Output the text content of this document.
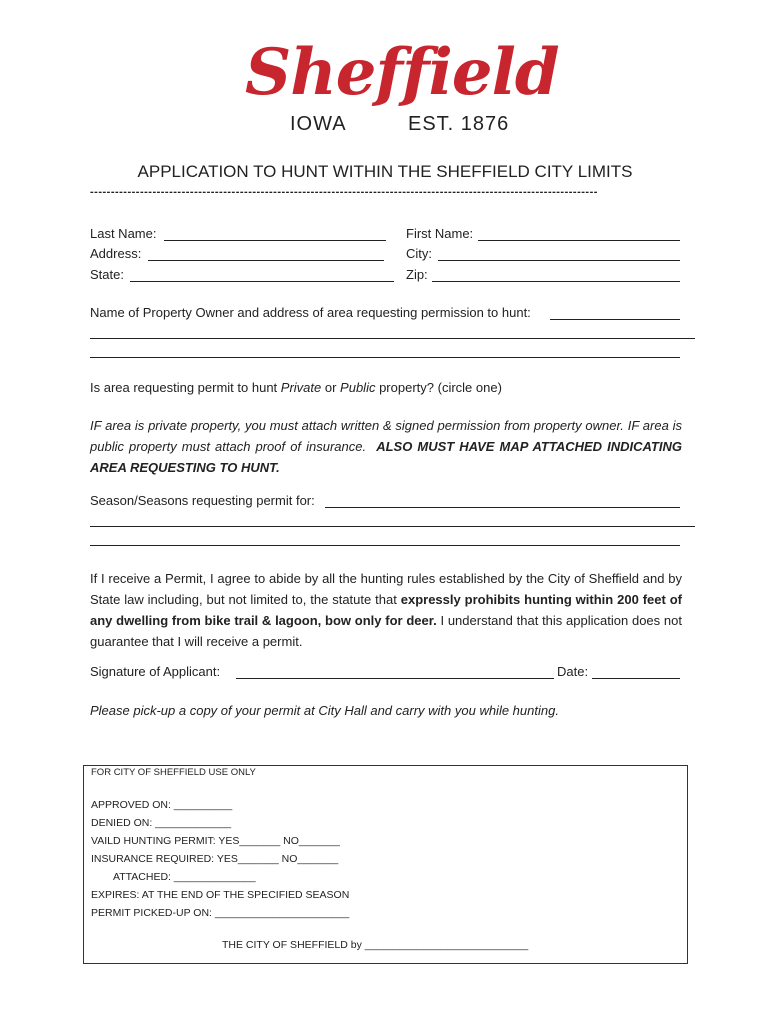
Sheffield
IOWA	EST. 1876
APPLICATION TO HUNT WITHIN THE SHEFFIELD CITY LIMITS
--------------------------------------------------------------------------------------------------------------------------
Last Name:	First Name:
Address:	City:
State:	Zip:
Name of Property Owner and address of area requesting permission to hunt:
Is area requesting permit to hunt Private or Public property? (circle one)
IF area is private property, you must attach written & signed permission from property owner. IF area is public property must attach proof of insurance. ALSO MUST HAVE MAP ATTACHED INDICATING AREA REQUESTING TO HUNT.
Season/Seasons requesting permit for:
If I receive a Permit, I agree to abide by all the hunting rules established by the City of Sheffield and by State law including, but not limited to, the statute that expressly prohibits hunting within 200 feet of any dwelling from bike trail & lagoon, bow only for deer. I understand that this application does not guarantee that I will receive a permit.
Signature of Applicant:	Date:
Please pick-up a copy of your permit at City Hall and carry with you while hunting.
FOR CITY OF SHEFFIELD USE ONLY
APPROVED ON: __________
DENIED ON: _____________
VAILD HUNTING PERMIT: YES_______ NO_______
INSURANCE REQUIRED: YES_______ NO_______
ATTACHED: ______________
EXPIRES: AT THE END OF THE SPECIFIED SEASON
PERMIT PICKED-UP ON: _______________________
THE CITY OF SHEFFIELD by ____________________________
